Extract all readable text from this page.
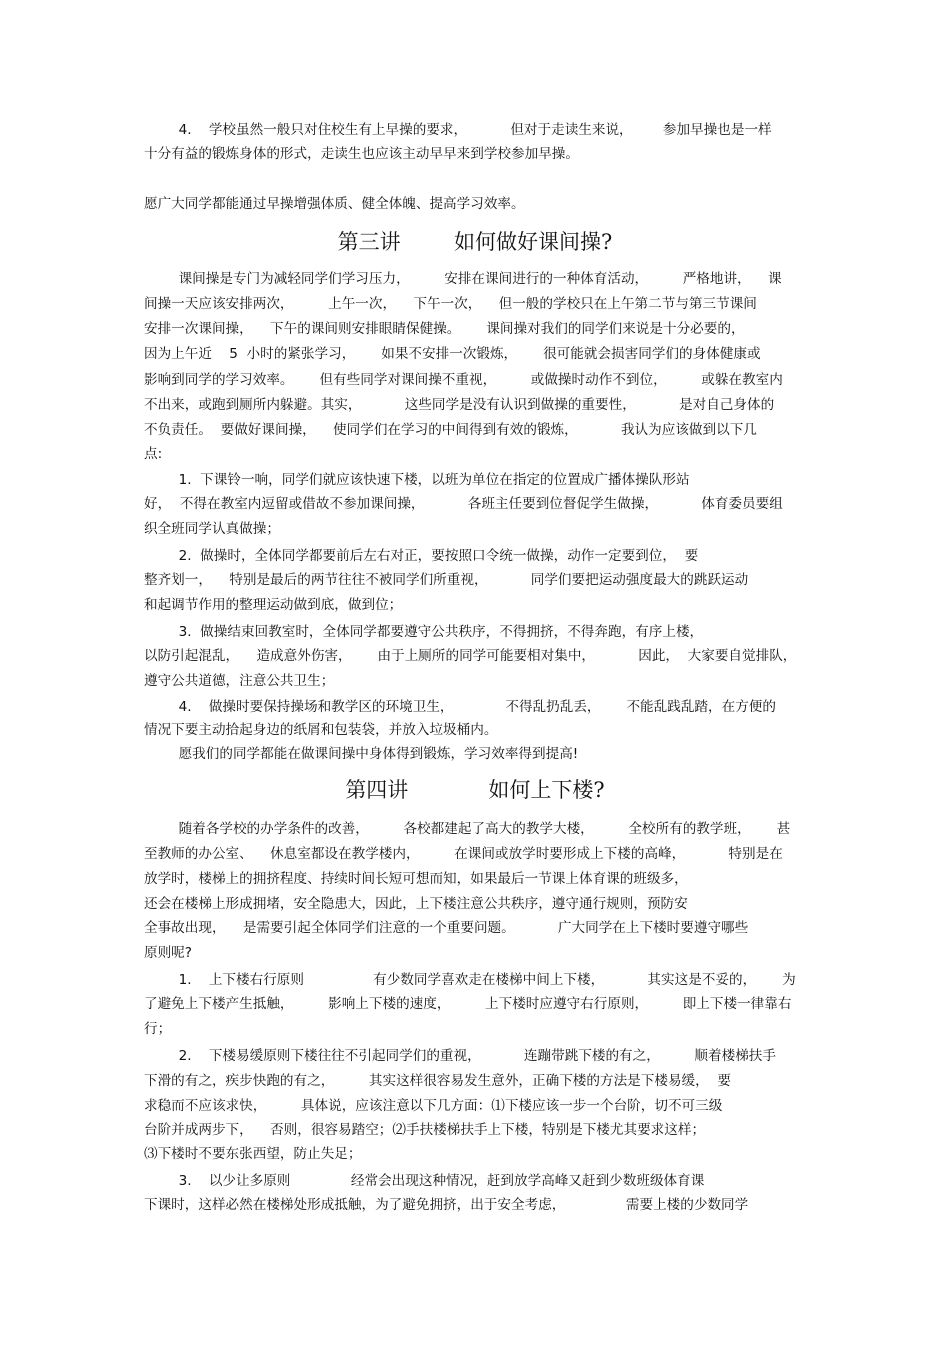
4.    学校虽然一般只对住校生有上早操的要求，          但对于走读生来说，       参加早操也是一样
十分有益的锻炼身体的形式，走读生也应该主动早早来到学校参加早操。
愿广大同学都能通过早操增强体质、健全体魄、提高学习效率。
第三讲        如何做好课间操?
课间操是专门为减轻同学们学习压力，        安排在课间进行的一种体育活动，        严格地讲，    课
间操一天应该安排两次，        上午一次，    下午一次，    但一般的学校只在上午第二节与第三节课间
安排一次课间操，    下午的课间则安排眼睛保健操。      课间操对我们的同学们来说是十分必要的，
因为上午近    5  小时的紧张学习，      如果不安排一次锻炼，      很可能就会损害同学们的身体健康或
影响到同学的学习效率。      但有些同学对课间操不重视，        或做操时动作不到位，        或躲在教室内
不出来，或跑到厕所内躲避。其实，          这些同学是没有认识到做操的重要性，          是对自己身体的
不负责任。  要做好课间操，    使同学们在学习的中间得到有效的锻炼，          我认为应该做到以下几
点:
1.  下课铃一响，同学们就应该快速下楼，以班为单位在指定的位置成广播体操队形站
好，  不得在教室内逗留或借故不参加课间操，          各班主任要到位督促学生做操，          体育委员要组
织全班同学认真做操；
2.  做操时，全体同学都要前后左右对正，要按照口令统一做操，动作一定要到位，  要
整齐划一，    特别是最后的两节往往不被同学们所重视，          同学们要把运动强度最大的跳跃运动
和起调节作用的整理运动做到底，做到位；
3.  做操结束回教室时，全体同学都要遵守公共秩序，不得拥挤，不得奔跑，有序上楼，
以防引起混乱，    造成意外伤害，      由于上厕所的同学可能要相对集中，          因此，  大家要自觉排队，
遵守公共道德，注意公共卫生；
4.    做操时要保持操场和教学区的环境卫生，            不得乱扔乱丢，      不能乱践乱踏，在方便的
情况下要主动拾起身边的纸屑和包装袋，并放入垃圾桶内。
愿我们的同学都能在做课间操中身体得到锻炼，学习效率得到提高!
第四讲            如何上下楼?
随着各学校的办学条件的改善，        各校都建起了高大的教学大楼，        全校所有的教学班，      甚
至教师的办公室、    休息室都设在教学楼内，        在课间或放学时要形成上下楼的高峰，          特别是在
放学时，楼梯上的拥挤程度、持续时间长短可想而知，如果最后一节课上体育课的班级多，
还会在楼梯上形成拥堵，安全隐患大，因此，上下楼注意公共秩序，遵守通行规则，预防安
全事故出现，    是需要引起全体同学们注意的一个重要问题。          广大同学在上下楼时要遵守哪些
原则呢?
1.    上下楼右行原则                有少数同学喜欢走在楼梯中间上下楼，          其实这是不妥的，      为
了避免上下楼产生抵触，        影响上下楼的速度，        上下楼时应遵守右行原则，        即上下楼一律靠右
行；
2.    下楼易缓原则下楼往往不引起同学们的重视，          连蹦带跳下楼的有之，        顺着楼梯扶手
下滑的有之，疾步快跑的有之，        其实这样很容易发生意外，正确下楼的方法是下楼易缓，  要
求稳而不应该求快，        具体说，应该注意以下几方面：⑴下楼应该一步一个台阶，切不可三级
台阶并成两步下，    否则，很容易踏空；⑵手扶楼梯扶手上下楼，特别是下楼尤其要求这样；
⑶下楼时不要东张西望，防止失足；
3.    以少让多原则              经常会出现这种情况，赶到放学高峰又赶到少数班级体育课
下课时，这样必然在楼梯处形成抵触，为了避免拥挤，出于安全考虑，              需要上楼的少数同学
